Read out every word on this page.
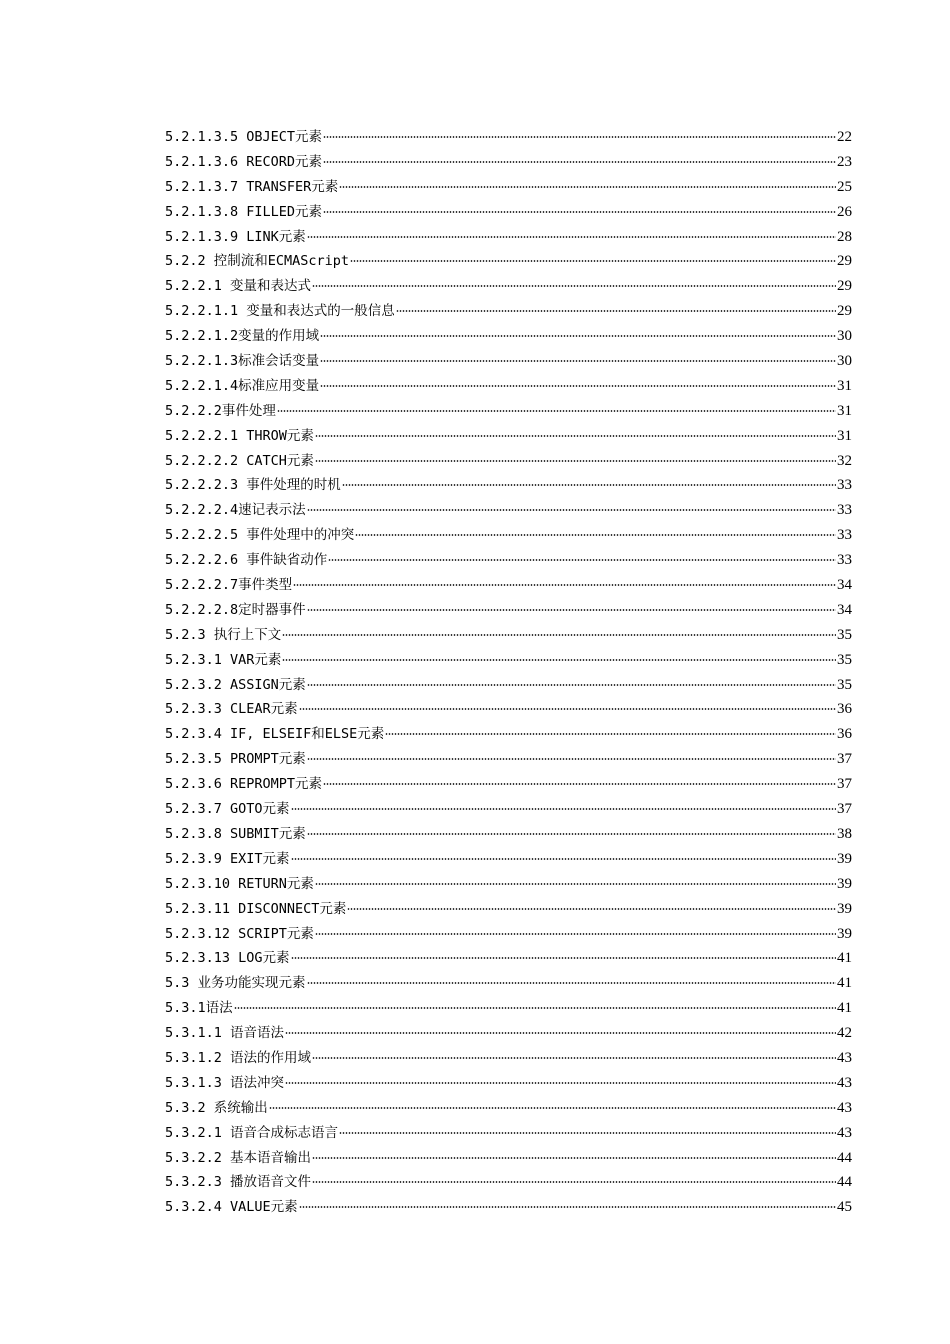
5.2.1.3.5 OBJECT元素	22
5.2.1.3.6 RECORD元素	23
5.2.1.3.7 TRANSFER元素	25
5.2.1.3.8 FILLED元素	26
5.2.1.3.9 LINK元素	28
5.2.2 控制流和ECMAScript	29
5.2.2.1 变量和表达式	29
5.2.2.1.1 变量和表达式的一般信息	29
5.2.2.1.2变量的作用域	30
5.2.2.1.3标准会话变量	30
5.2.2.1.4标准应用变量	31
5.2.2.2事件处理	31
5.2.2.2.1 THROW元素	31
5.2.2.2.2 CATCH元素	32
5.2.2.2.3 事件处理的时机	33
5.2.2.2.4速记表示法	33
5.2.2.2.5 事件处理中的冲突	33
5.2.2.2.6 事件缺省动作	33
5.2.2.2.7事件类型	34
5.2.2.2.8定时器事件	34
5.2.3 执行上下文	35
5.2.3.1 VAR元素	35
5.2.3.2 ASSIGN元素	35
5.2.3.3 CLEAR元素	36
5.2.3.4 IF, ELSEIF和ELSE元素	36
5.2.3.5 PROMPT元素	37
5.2.3.6 REPROMPT元素	37
5.2.3.7 GOTO元素	37
5.2.3.8 SUBMIT元素	38
5.2.3.9 EXIT元素	39
5.2.3.10 RETURN元素	39
5.2.3.11 DISCONNECT元素	39
5.2.3.12 SCRIPT元素	39
5.2.3.13 LOG元素	41
5.3 业务功能实现元素	41
5.3.1语法	41
5.3.1.1 语音语法	42
5.3.1.2 语法的作用域	43
5.3.1.3 语法冲突	43
5.3.2 系统输出	43
5.3.2.1 语音合成标志语言	43
5.3.2.2 基本语音输出	44
5.3.2.3 播放语音文件	44
5.3.2.4 VALUE元素	45
